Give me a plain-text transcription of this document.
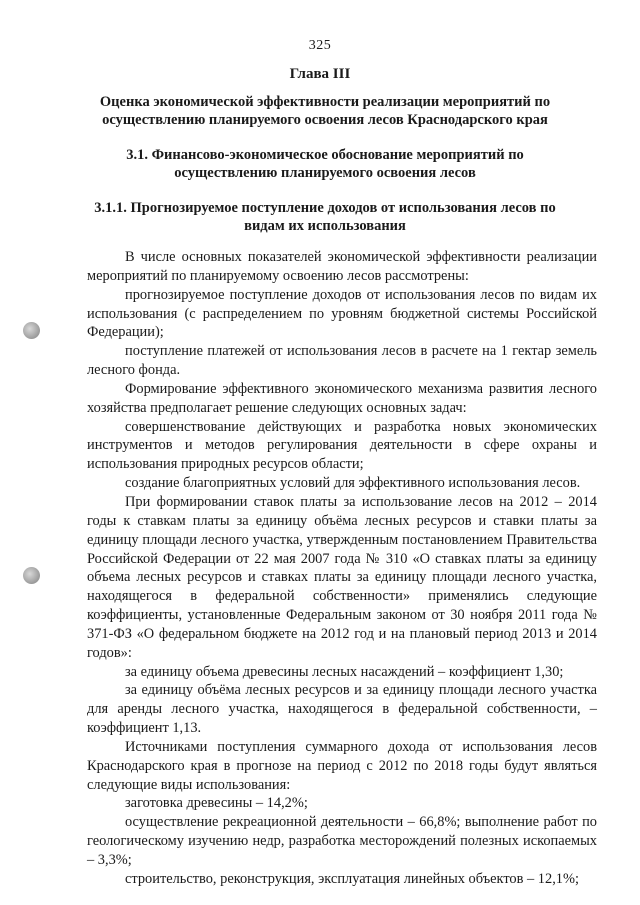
325
Глава III
Оценка экономической эффективности реализации мероприятий по осуществлению планируемого освоения лесов Краснодарского края
3.1. Финансово-экономическое обоснование мероприятий по осуществлению планируемого освоения лесов
3.1.1. Прогнозируемое поступление доходов от использования лесов по видам их использования

В числе основных показателей экономической эффективности реализации мероприятий по планируемому освоению лесов рассмотрены:

прогнозируемое поступление доходов от использования лесов по видам их использования (с распределением по уровням бюджетной системы Российской Федерации);

поступление платежей от использования лесов в расчете на 1 гектар земель лесного фонда.

Формирование эффективного экономического механизма развития лесного хозяйства предполагает решение следующих основных задач:

совершенствование действующих и разработка новых экономических инструментов и методов регулирования деятельности в сфере охраны и использования природных ресурсов области;

создание благоприятных условий для эффективного использования лесов.

При формировании ставок платы за использование лесов на 2012 – 2014 годы к ставкам платы за единицу объёма лесных ресурсов и ставки платы за единицу площади лесного участка, утвержденным постановлением Правительства Российской Федерации от 22 мая 2007 года № 310 «О ставках платы за единицу объема лесных ресурсов и ставках платы за единицу площади лесного участка, находящегося в федеральной собственности» применялись следующие коэффициенты, установленные Федеральным законом от 30 ноября 2011 года № 371-ФЗ «О федеральном бюджете на 2012 год и на плановый период 2013 и 2014 годов»:

за единицу объема древесины лесных насаждений – коэффициент 1,30;

за единицу объёма лесных ресурсов и за единицу площади лесного участка для аренды лесного участка, находящегося в федеральной собственности, – коэффициент 1,13.

Источниками поступления суммарного дохода от использования лесов Краснодарского края в прогнозе на период с 2012 по 2018 годы будут являться следующие виды использования:

заготовка древесины – 14,2%;

осуществление рекреационной деятельности – 66,8%; выполнение работ по геологическому изучению недр, разработка месторождений полезных ископаемых – 3,3%;

строительство, реконструкция, эксплуатация линейных объектов – 12,1%;
